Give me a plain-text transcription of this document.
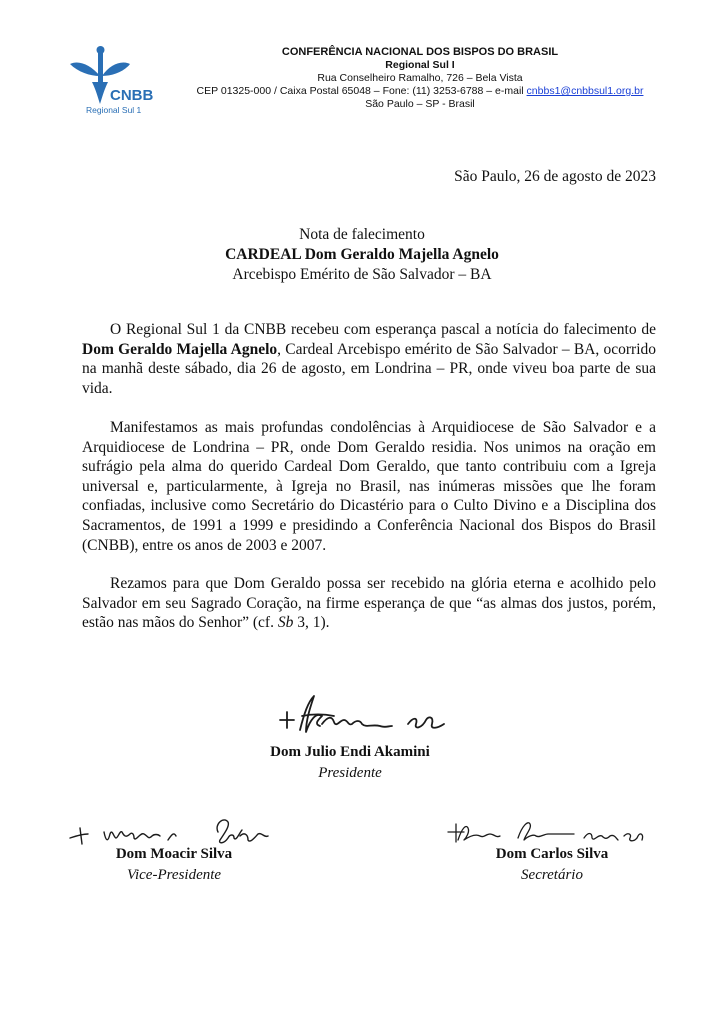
CNBB
Regional Sul 1
CONFERÊNCIA NACIONAL DOS BISPOS DO BRASIL
Regional Sul I
Rua Conselheiro Ramalho, 726 – Bela Vista
CEP 01325-000 / Caixa Postal 65048 – Fone: (11) 3253-6788 – e-mail cnbbs1@cnbbsul1.org.br
São Paulo – SP - Brasil
São Paulo, 26 de agosto de 2023
Nota de falecimento
CARDEAL Dom Geraldo Majella Agnelo
Arcebispo Emérito de São Salvador – BA

O Regional Sul 1 da CNBB recebeu com esperança pascal a notícia do falecimento de Dom Geraldo Majella Agnelo, Cardeal Arcebispo emérito de São Salvador – BA, ocorrido na manhã deste sábado, dia 26 de agosto, em Londrina – PR, onde viveu boa parte de sua vida.

Manifestamos as mais profundas condolências à Arquidiocese de São Salvador e a Arquidiocese de Londrina – PR, onde Dom Geraldo residia. Nos unimos na oração em sufrágio pela alma do querido Cardeal Dom Geraldo, que tanto contribuiu com a Igreja universal e, particularmente, à Igreja no Brasil, nas inúmeras missões que lhe foram confiadas, inclusive como Secretário do Dicastério para o Culto Divino e a Disciplina dos Sacramentos, de 1991 a 1999 e presidindo a Conferência Nacional dos Bispos do Brasil (CNBB), entre os anos de 2003 e 2007.

Rezamos para que Dom Geraldo possa ser recebido na glória eterna e acolhido pelo Salvador em seu Sagrado Coração, na firme esperança de que “as almas dos justos, porém, estão nas mãos do Senhor” (cf. Sb 3, 1).

Dom Julio Endi Akamini
Presidente
Dom Moacir Silva
Vice-Presidente
Dom Carlos Silva
Secretário
